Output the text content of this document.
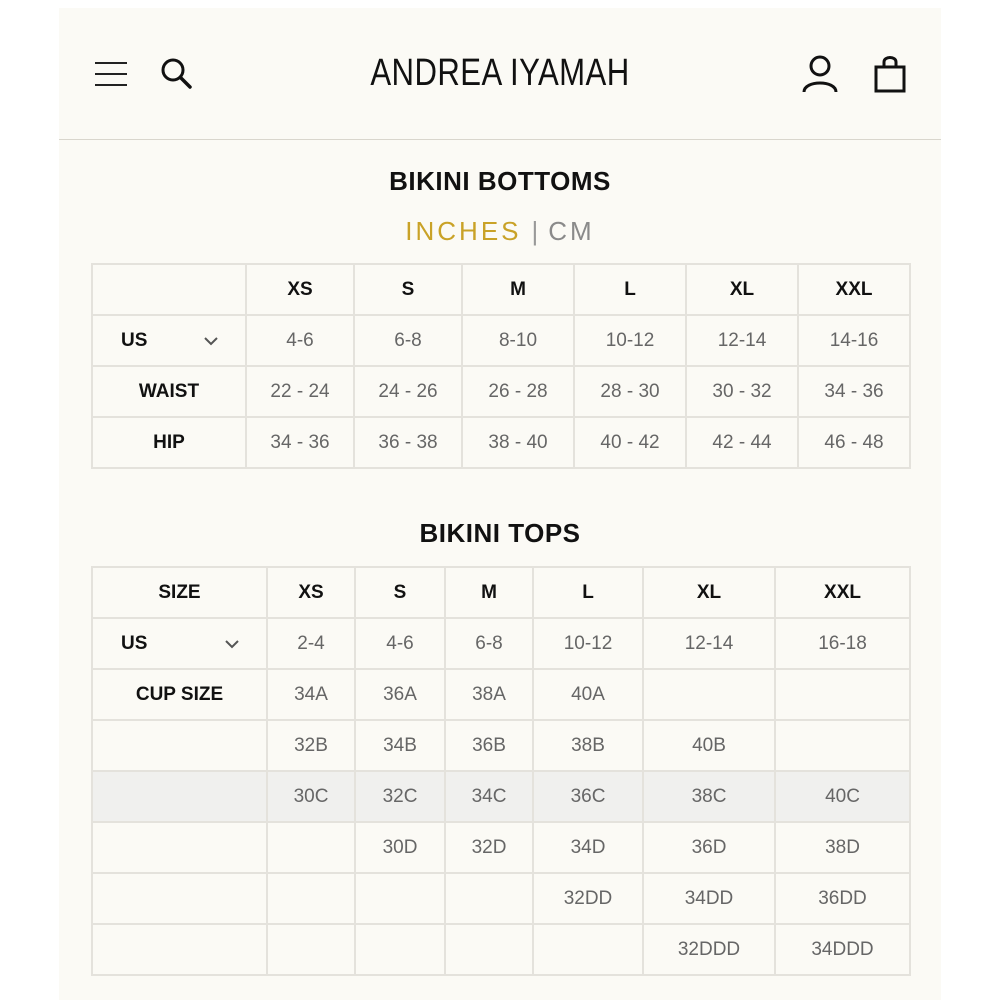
ANDREA IYAMAH
BIKINI BOTTOMS
INCHES | CM
	XS	S	M	L	XL	XXL

US	4-6	6-8	8-10	10-12	12-14	14-16
WAIST	22 - 24	24 - 26	26 - 28	28 - 30	30 - 32	34 - 36
HIP	34 - 36	36 - 38	38 - 40	40 - 42	42 - 44	46 - 48
BIKINI TOPS
SIZE	XS	S	M	L	XL	XXL

US	2-4	4-6	6-8	10-12	12-14	16-18
CUP SIZE	34A	36A	38A	40A		
	32B	34B	36B	38B	40B	
	30C	32C	34C	36C	38C	40C
		30D	32D	34D	36D	38D
				32DD	34DD	36DD
					32DDD	34DDD
